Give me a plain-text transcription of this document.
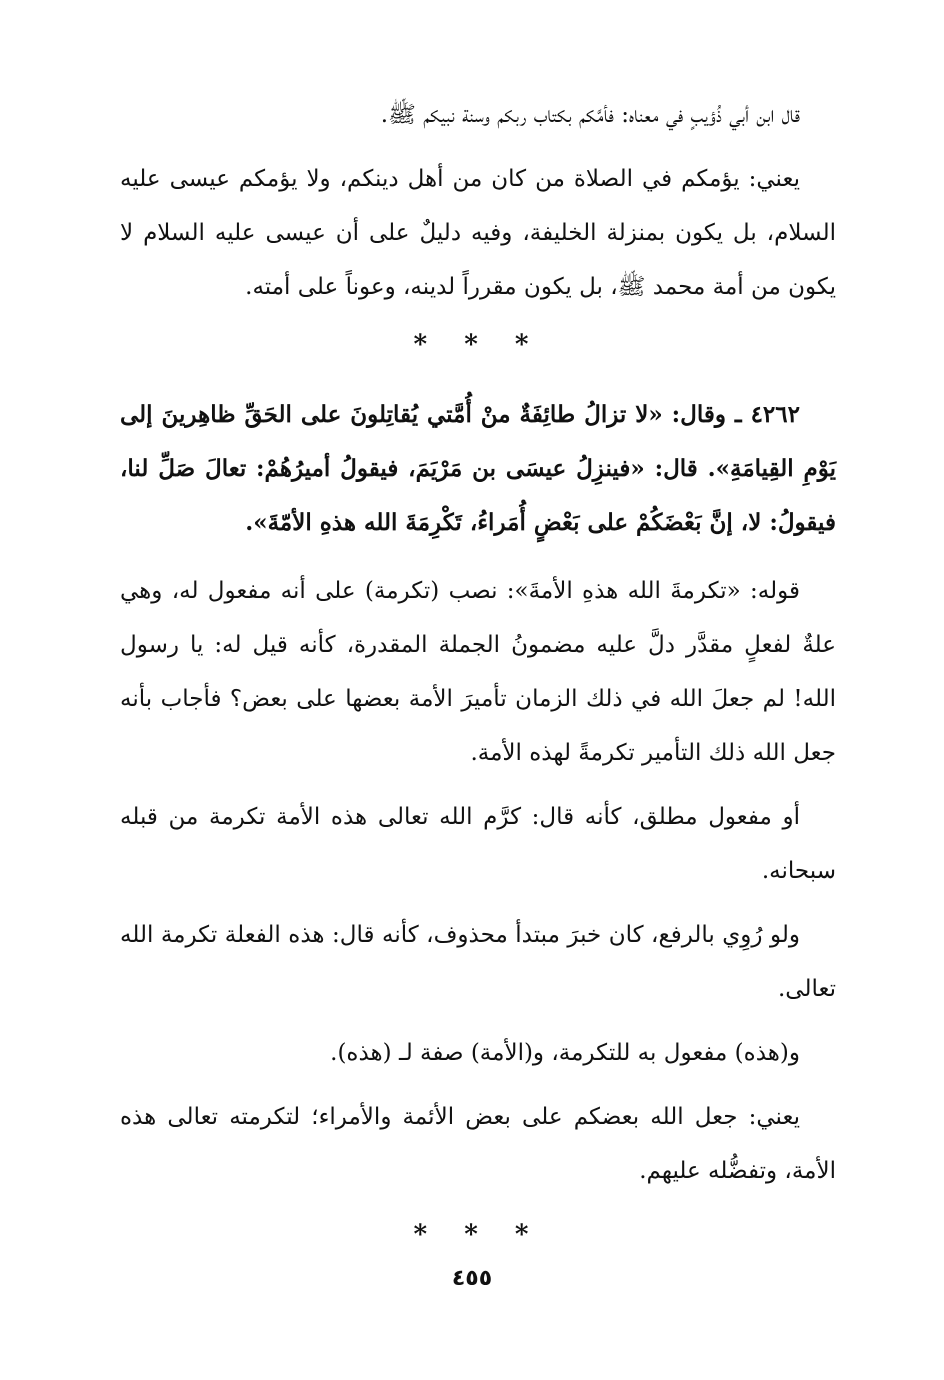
قال ابن أبي ذُؤيبٍ في معناه: فأمَّكم بكتاب ربكم وسنة نبيكم ﷺ.

يعني: يؤمكم في الصلاة من كان من أهل دينكم، ولا يؤمكم عيسى عليه السلام، بل يكون بمنزلة الخليفة، وفيه دليلٌ على أن عيسى عليه السلام لا يكون من أمة محمد ﷺ، بل يكون مقرراً لدينه، وعوناً على أمته.

* * *

٤٢٦٢ ـ وقال: «لا تزالُ طائِفَةٌ منْ أُمَّتي يُقاتِلونَ على الحَقِّ ظاهِرينَ إلى يَوْمِ القِيامَةِ». قال: «فينزِلُ عيسَى بن مَرْيَمَ، فيقولُ أميرُهُمْ: تعالَ صَلِّ لنا، فيقولُ: لا، إنَّ بَعْضَكُمْ على بَعْضٍ أُمَراءُ، تَكْرِمَةَ الله هذهِ الأمّةَ».

قوله: «تكرمةَ الله هذهِ الأمةَ»: نصب (تكرمة) على أنه مفعول له، وهي علةٌ لفعلٍ مقدَّر دلَّ عليه مضمونُ الجملة المقدرة، كأنه قيل له: يا رسول الله! لم جعلَ الله في ذلك الزمان تأميرَ الأمة بعضها على بعض؟ فأجاب بأنه جعل الله ذلك التأمير تكرمةً لهذه الأمة.

أو مفعول مطلق، كأنه قال: كرَّم الله تعالى هذه الأمة تكرمة من قبله سبحانه.

ولو رُوِي بالرفع، كان خبرَ مبتدأ محذوف، كأنه قال: هذه الفعلة تكرمة الله تعالى.

و(هذه) مفعول به للتكرمة، و(الأمة) صفة لـ (هذه).

يعني: جعل الله بعضكم على بعض الأئمة والأمراء؛ لتكرمته تعالى هذه الأمة، وتفضُّله عليهم.

* * *
٤٥٥
